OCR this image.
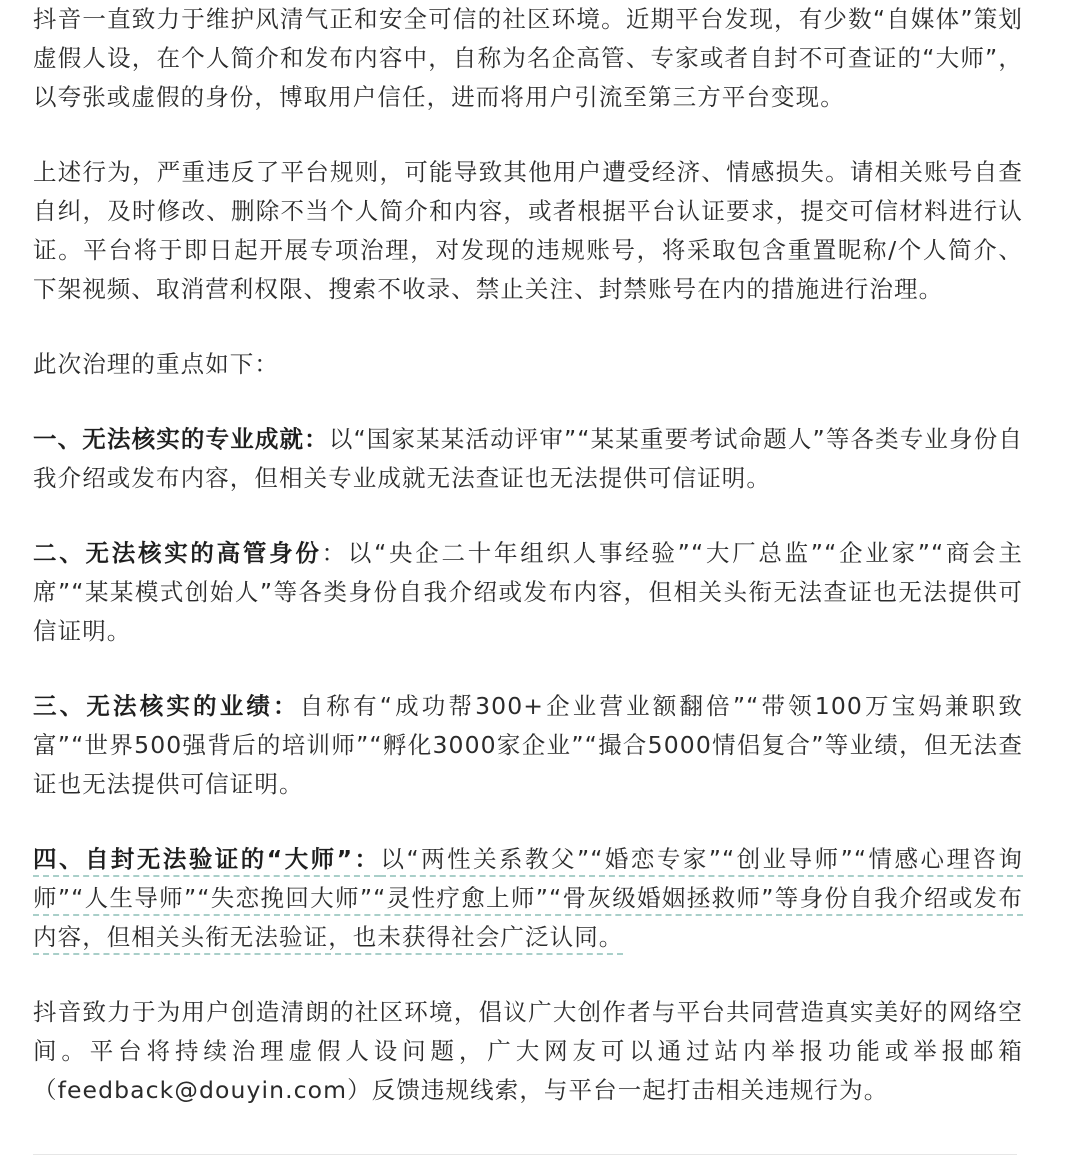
抖音一直致力于维护风清气正和安全可信的社区环境。近期平台发现，有少数“自媒体”策划虚假人设，在个人简介和发布内容中，自称为名企高管、专家或者自封不可查证的“大师”，以夸张或虚假的身份，博取用户信任，进而将用户引流至第三方平台变现。

上述行为，严重违反了平台规则，可能导致其他用户遭受经济、情感损失。请相关账号自查自纠，及时修改、删除不当个人简介和内容，或者根据平台认证要求，提交可信材料进行认证。平台将于即日起开展专项治理，对发现的违规账号，将采取包含重置昵称/个人简介、下架视频、取消营利权限、搜索不收录、禁止关注、封禁账号在内的措施进行治理。

此次治理的重点如下：

一、无法核实的专业成就：以“国家某某活动评审”“某某重要考试命题人”等各类专业身份自我介绍或发布内容，但相关专业成就无法查证也无法提供可信证明。

二、无法核实的高管身份：以“央企二十年组织人事经验”“大厂总监”“企业家”“商会主席”“某某模式创始人”等各类身份自我介绍或发布内容，但相关头衔无法查证也无法提供可信证明。

三、无法核实的业绩：自称有“成功帮300+企业营业额翻倍”“带领100万宝妈兼职致富”“世界500强背后的培训师”“孵化3000家企业”“撮合5000情侣复合”等业绩，但无法查证也无法提供可信证明。

四、自封无法验证的“大师”：以“两性关系教父”“婚恋专家”“创业导师”“情感心理咨询师”“人生导师”“失恋挽回大师”“灵性疗愈上师”“骨灰级婚姻拯救师”等身份自我介绍或发布内容，但相关头衔无法验证，也未获得社会广泛认同。

抖音致力于为用户创造清朗的社区环境，倡议广大创作者与平台共同营造真实美好的网络空间。平台将持续治理虚假人设问题，广大网友可以通过站内举报功能或举报邮箱（feedback@douyin.com）反馈违规线索，与平台一起打击相关违规行为。
